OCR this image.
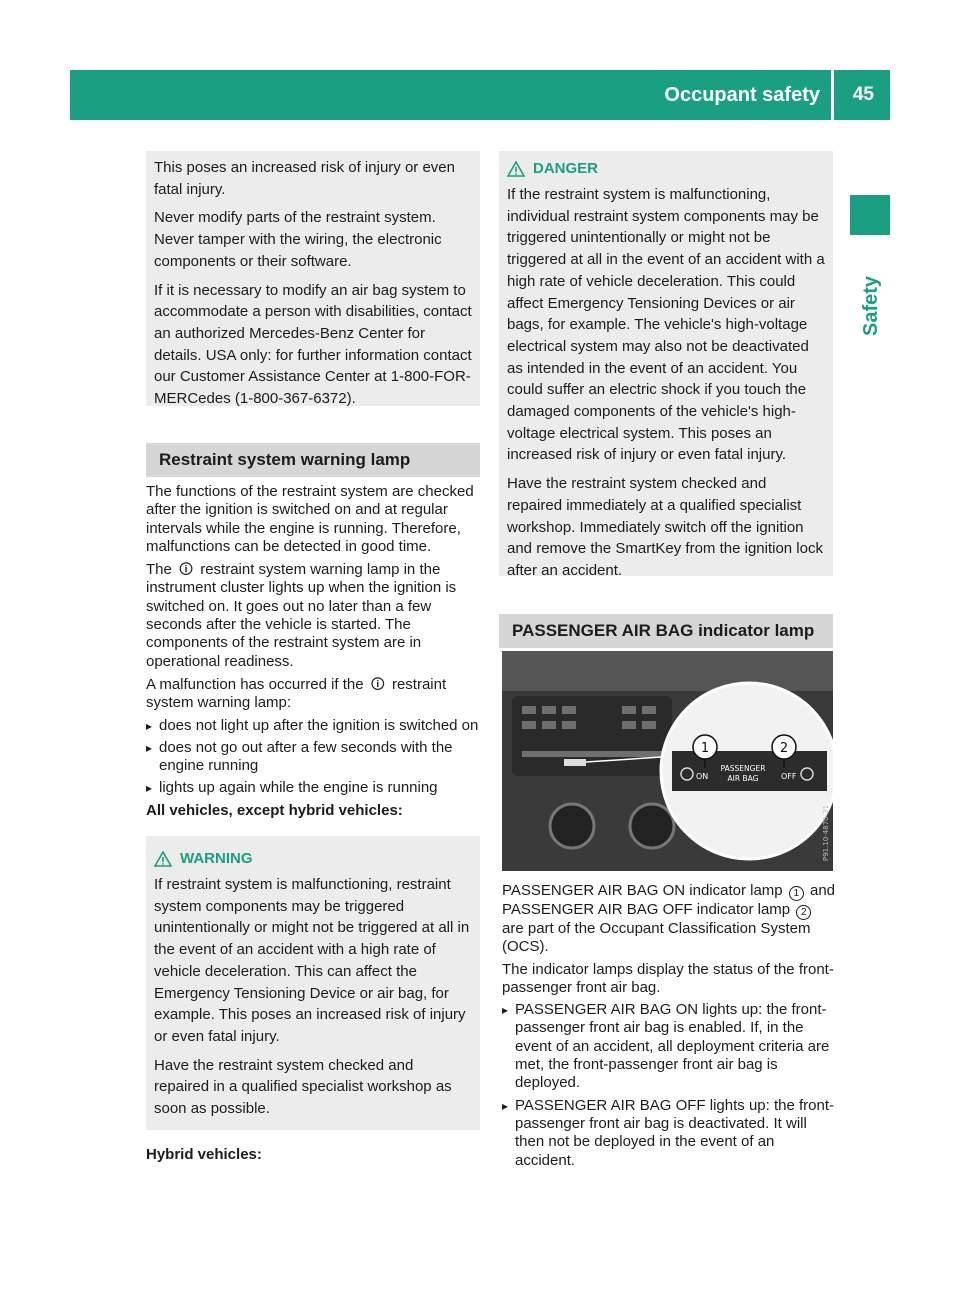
Occupant safety 45
Safety

This poses an increased risk of injury or even fatal injury.

Never modify parts of the restraint system. Never tamper with the wiring, the electronic components or their software.

If it is necessary to modify an air bag system to accommodate a person with disabilities, contact an authorized Mercedes-Benz Center for details. USA only: for further information contact our Customer Assistance Center at 1-800-FOR-MERCedes (1-800-367-6372).

Restraint system warning lamp

The functions of the restraint system are checked after the ignition is switched on and at regular intervals while the engine is running. Therefore, malfunctions can be detected in good time.

The 🛈 restraint system warning lamp in the instrument cluster lights up when the ignition is switched on. It goes out no later than a few seconds after the vehicle is started. The components of the restraint system are in operational readiness.

A malfunction has occurred if the 🛈 restraint system warning lamp:

▸ does not light up after the ignition is switched on
▸ does not go out after a few seconds with the engine running
▸ lights up again while the engine is running

All vehicles, except hybrid vehicles:

WARNING

If restraint system is malfunctioning, restraint system components may be triggered unintentionally or might not be triggered at all in the event of an accident with a high rate of vehicle deceleration. This can affect the Emergency Tensioning Device or air bag, for example. This poses an increased risk of injury or even fatal injury.

Have the restraint system checked and repaired in a qualified specialist workshop as soon as possible.

Hybrid vehicles:

DANGER

If the restraint system is malfunctioning, individual restraint system components may be triggered unintentionally or might not be triggered at all in the event of an accident with a high rate of vehicle deceleration. This could affect Emergency Tensioning Devices or air bags, for example. The vehicle's high-voltage electrical system may also not be deactivated as intended in the event of an accident. You could suffer an electric shock if you touch the damaged components of the vehicle's high-voltage electrical system. This poses an increased risk of injury or even fatal injury.

Have the restraint system checked and repaired immediately at a qualified specialist workshop. Immediately switch off the ignition and remove the SmartKey from the ignition lock after an accident.

PASSENGER AIR BAG indicator lamp
1	2
ON
PASSENGER
AIR BAG	OFF
P91.10-4870-31

PASSENGER AIR BAG ON indicator lamp 1 and PASSENGER AIR BAG OFF indicator lamp 2 are part of the Occupant Classification System (OCS).

The indicator lamps display the status of the front-passenger front air bag.

▸ PASSENGER AIR BAG ON lights up: the front-passenger front air bag is enabled. If, in the event of an accident, all deployment criteria are met, the front-passenger front air bag is deployed.
▸ PASSENGER AIR BAG OFF lights up: the front-passenger front air bag is deactivated. It will then not be deployed in the event of an accident.
